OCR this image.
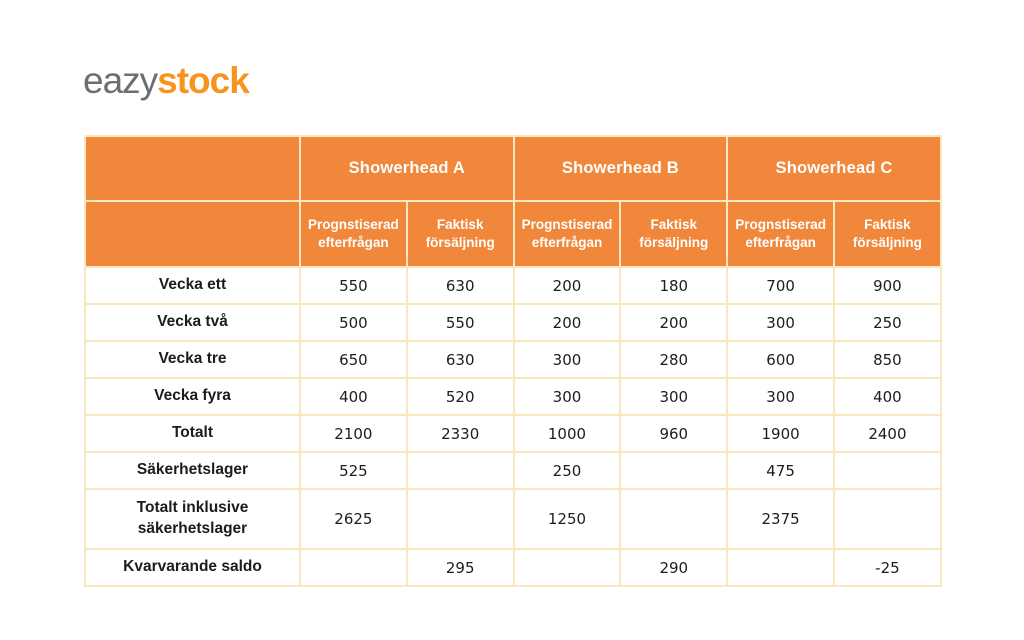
eazystock
	Showerhead A		Showerhead B		Showerhead C	
	Prognstiserad efterfrågan	Faktisk försäljning	Prognstiserad efterfrågan	Faktisk försäljning	Prognstiserad efterfrågan	Faktisk försäljning
Vecka ett	550	630	200	180	700	900
Vecka två	500	550	200	200	300	250
Vecka tre	650	630	300	280	600	850
Vecka fyra	400	520	300	300	300	400
Totalt	2100	2330	1000	960	1900	2400
Säkerhetslager	525		250		475	
Totalt inklusive säkerhetslager	2625		1250		2375	
Kvarvarande saldo		295		290		-25
